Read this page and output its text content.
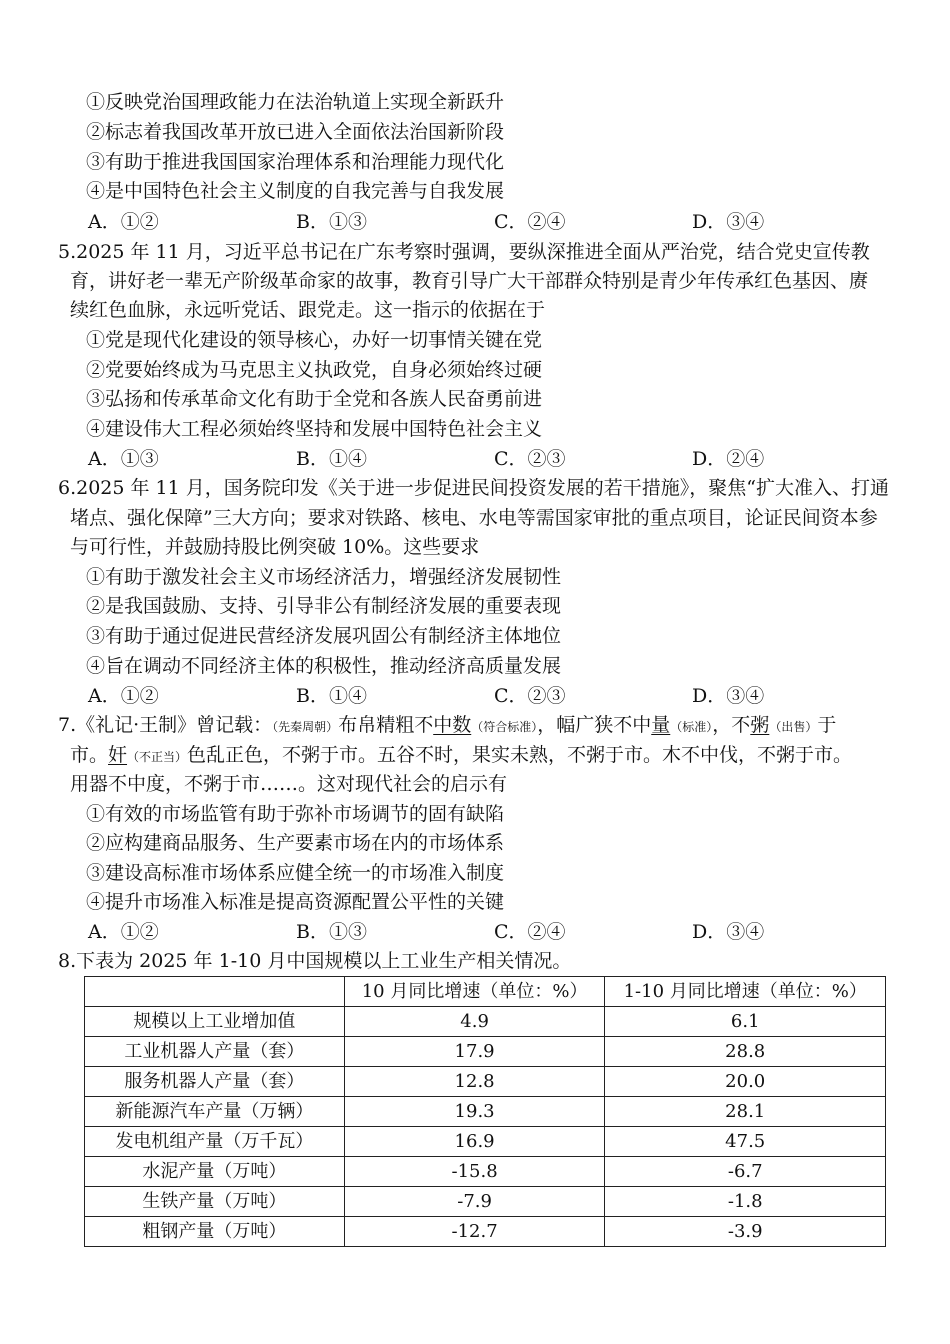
①反映党治国理政能力在法治轨道上实现全新跃升
②标志着我国改革开放已进入全面依法治国新阶段
③有助于推进我国国家治理体系和治理能力现代化
④是中国特色社会主义制度的自我完善与自我发展
A．①②	B．①③	C．②④	D．③④
5.2025 年 11 月，习近平总书记在广东考察时强调，要纵深推进全面从严治党，结合党史宣传教
育，讲好老一辈无产阶级革命家的故事，教育引导广大干部群众特别是青少年传承红色基因、赓
续红色血脉，永远听党话、跟党走。这一指示的依据在于
①党是现代化建设的领导核心，办好一切事情关键在党
②党要始终成为马克思主义执政党，自身必须始终过硬
③弘扬和传承革命文化有助于全党和各族人民奋勇前进
④建设伟大工程必须始终坚持和发展中国特色社会主义
A．①③	B．①④	C．②③	D．②④
6.2025 年 11 月，国务院印发《关于进一步促进民间投资发展的若干措施》，聚焦“扩大准入、打通
堵点、强化保障”三大方向；要求对铁路、核电、水电等需国家审批的重点项目，论证民间资本参
与可行性，并鼓励持股比例突破 10%。这些要求
①有助于激发社会主义市场经济活力，增强经济发展韧性
②是我国鼓励、支持、引导非公有制经济发展的重要表现
③有助于通过促进民营经济发展巩固公有制经济主体地位
④旨在调动不同经济主体的积极性，推动经济高质量发展
A．①②	B．①④	C．②③	D．③④
7.《礼记·王制》曾记载：（先秦周朝）布帛精粗不中数（符合标准），幅广狭不中量（标准），不粥（出售）于
市。奸（不正当）色乱正色，不粥于市。五谷不时，果实未熟，不粥于市。木不中伐，不粥于市。
用器不中度，不粥于市……。这对现代社会的启示有
①有效的市场监管有助于弥补市场调节的固有缺陷
②应构建商品服务、生产要素市场在内的市场体系
③建设高标准市场体系应健全统一的市场准入制度
④提升市场准入标准是提高资源配置公平性的关键
A．①②	B．①③	C．②④	D．③④
8.下表为 2025 年 1-10 月中国规模以上工业生产相关情况。
	10 月同比增速（单位：%）	1-10 月同比增速（单位：%）
规模以上工业增加值	4.9	6.1
工业机器人产量（套）	17.9	28.8
服务机器人产量（套）	12.8	20.0
新能源汽车产量（万辆）	19.3	28.1
发电机组产量（万千瓦）	16.9	47.5
水泥产量（万吨）	-15.8	-6.7
生铁产量（万吨）	-7.9	-1.8
粗钢产量（万吨）	-12.7	-3.9
